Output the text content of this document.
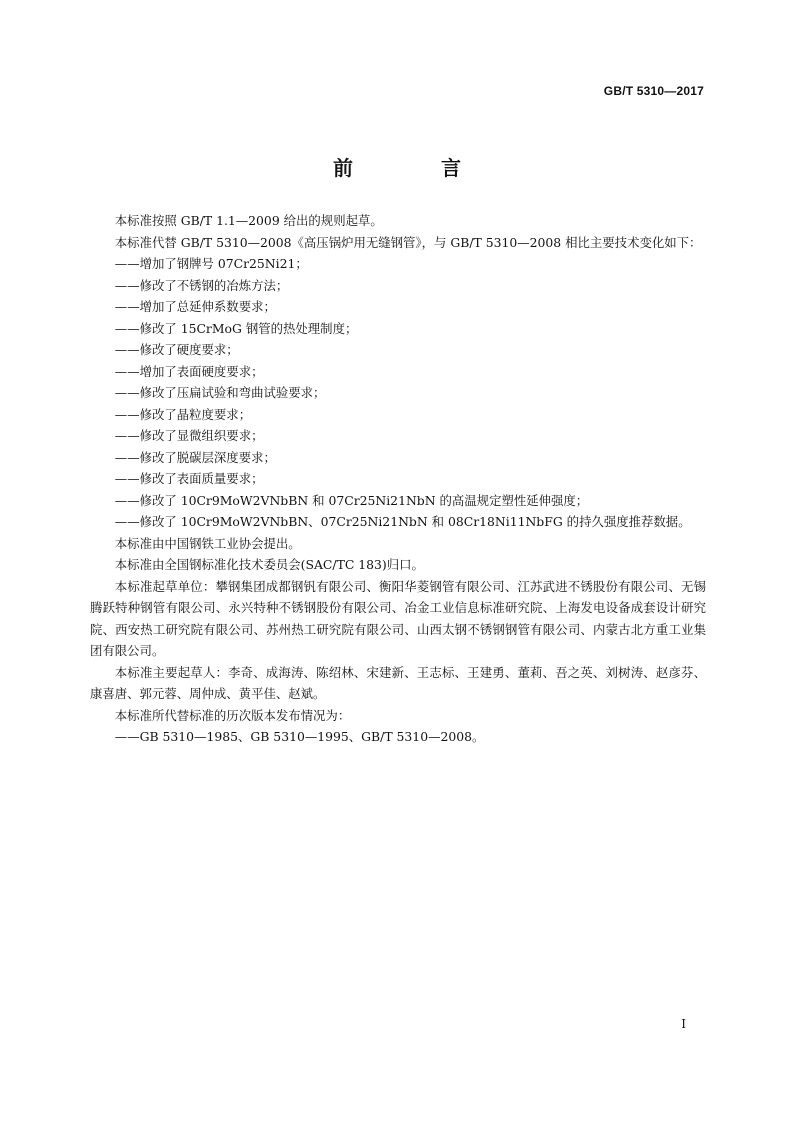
GB/T 5310—2017
前　言

本标准按照 GB/T 1.1—2009 给出的规则起草。

本标准代替 GB/T 5310—2008《高压锅炉用无缝钢管》，与 GB/T 5310—2008 相比主要技术变化如下：

——增加了钢牌号 07Cr25Ni21；

——修改了不锈钢的冶炼方法；

——增加了总延伸系数要求；

——修改了 15CrMoG 钢管的热处理制度；

——修改了硬度要求；

——增加了表面硬度要求；

——修改了压扁试验和弯曲试验要求；

——修改了晶粒度要求；

——修改了显微组织要求；

——修改了脱碳层深度要求；

——修改了表面质量要求；

——修改了 10Cr9MoW2VNbBN 和 07Cr25Ni21NbN 的高温规定塑性延伸强度；

——修改了 10Cr9MoW2VNbBN、07Cr25Ni21NbN 和 08Cr18Ni11NbFG 的持久强度推荐数据。

本标准由中国钢铁工业协会提出。

本标准由全国钢标准化技术委员会(SAC/TC 183)归口。

本标准起草单位：攀钢集团成都钢钒有限公司、衡阳华菱钢管有限公司、江苏武进不锈股份有限公司、无锡腾跃特种钢管有限公司、永兴特种不锈钢股份有限公司、冶金工业信息标准研究院、上海发电设备成套设计研究院、西安热工研究院有限公司、苏州热工研究院有限公司、山西太钢不锈钢钢管有限公司、内蒙古北方重工业集团有限公司。

本标准主要起草人：李奇、成海涛、陈绍林、宋建新、王志标、王建勇、董莉、吾之英、刘树涛、赵彦芬、康喜唐、郭元蓉、周仲成、黄平佳、赵斌。

本标准所代替标准的历次版本发布情况为：

——GB 5310—1985、GB 5310—1995、GB/T 5310—2008。

I
